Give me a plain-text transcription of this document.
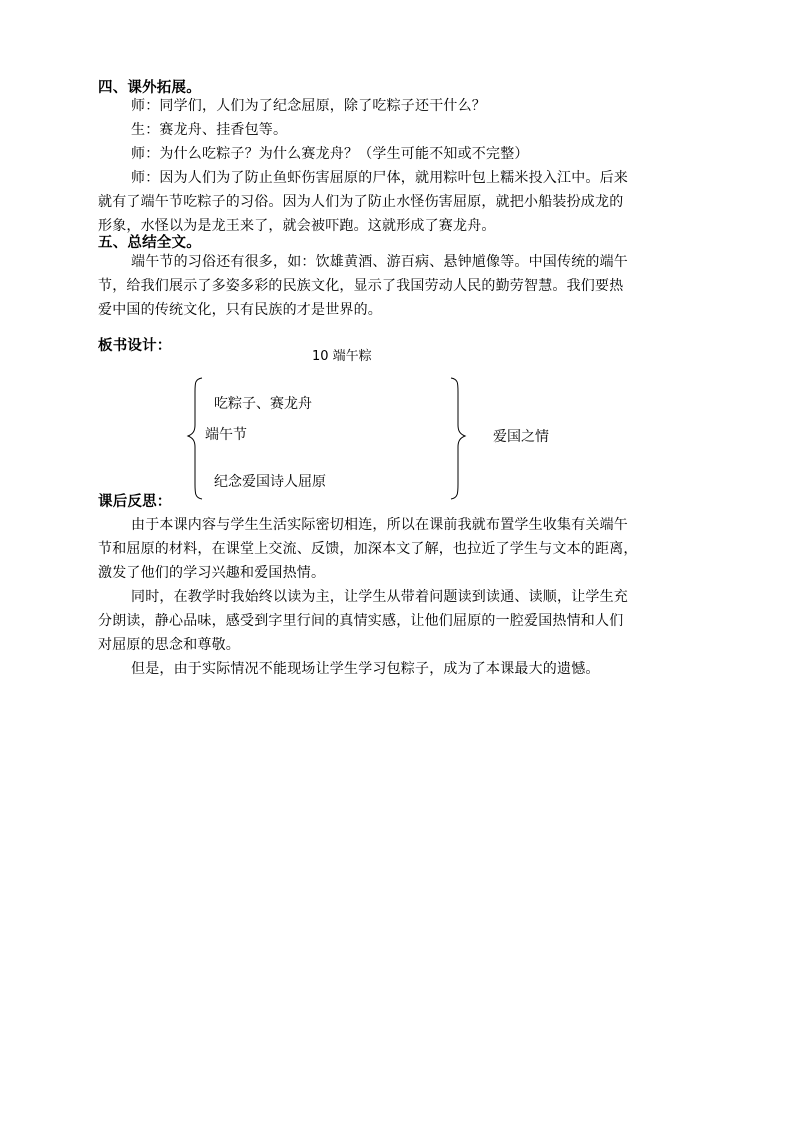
四、课外拓展。
师：同学们，人们为了纪念屈原，除了吃粽子还干什么？
生：赛龙舟、挂香包等。
师：为什么吃粽子？为什么赛龙舟？（学生可能不知或不完整）
师：因为人们为了防止鱼虾伤害屈原的尸体，就用粽叶包上糯米投入江中。后来
就有了端午节吃粽子的习俗。因为人们为了防止水怪伤害屈原，就把小船装扮成龙的
形象，水怪以为是龙王来了，就会被吓跑。这就形成了赛龙舟。
五、总结全文。
端午节的习俗还有很多，如：饮雄黄酒、游百病、悬钟馗像等。中国传统的端午
节，给我们展示了多姿多彩的民族文化，显示了我国劳动人民的勤劳智慧。我们要热
爱中国的传统文化，只有民族的才是世界的。
板书设计：
10 端午粽
吃粽子、赛龙舟
端午节
纪念爱国诗人屈原
爱国之情
课后反思：
由于本课内容与学生生活实际密切相连，所以在课前我就布置学生收集有关端午
节和屈原的材料，在课堂上交流、反馈，加深本文了解，也拉近了学生与文本的距离，
激发了他们的学习兴趣和爱国热情。
同时，在教学时我始终以读为主，让学生从带着问题读到读通、读顺，让学生充
分朗读，静心品味，感受到字里行间的真情实感，让他们屈原的一腔爱国热情和人们
对屈原的思念和尊敬。
但是，由于实际情况不能现场让学生学习包粽子，成为了本课最大的遗憾。
